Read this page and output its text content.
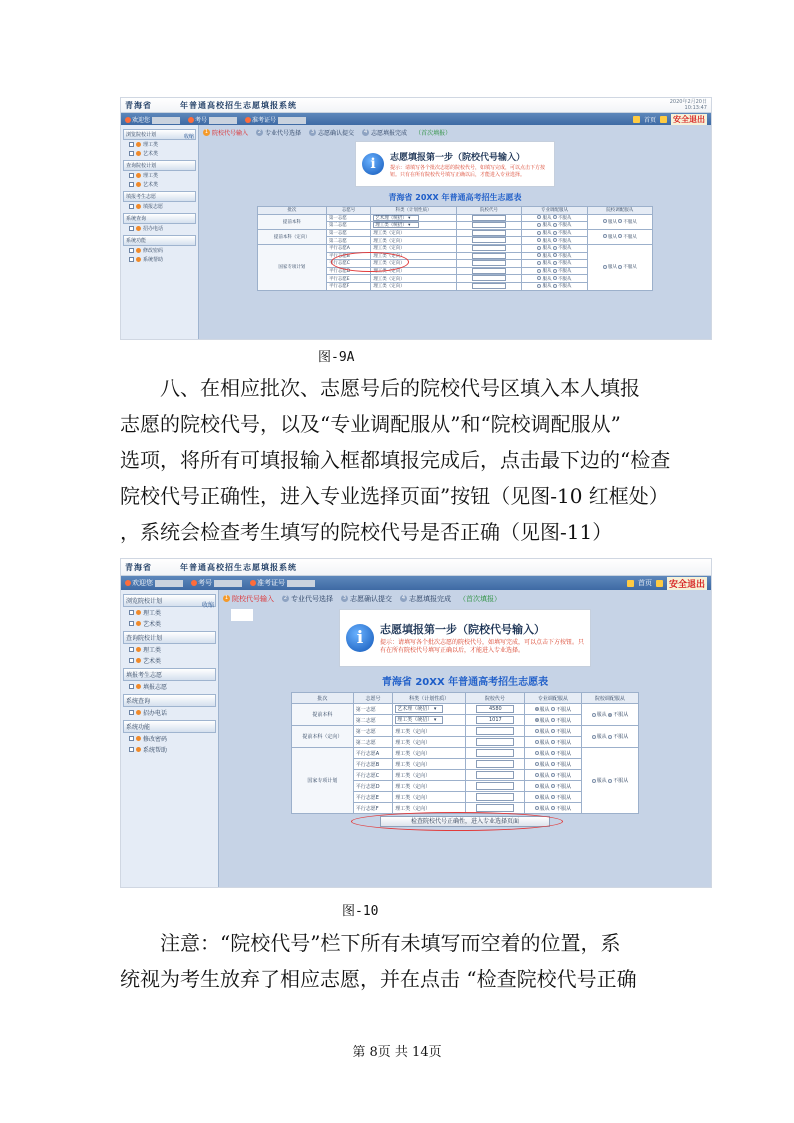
青海省	年普通高校招生志愿填报系统	2020年2月20日
10:13:47
欢迎您	考号	准考证号	首页 安全退出
收缩
浏览院校计划
理工类
艺术类
查询院校计划
理工类
艺术类
填报考生志愿
填报志愿
系统查询
招办电话
系统功能
修改密码
系统帮助
1 院校代号输入	2 专业代号选择	3 志愿确认提交	4 志愿填报完成 （首次填报）
i	志愿填报第一步（院校代号输入）
提示：请填写各个批次志愿的院校代号，如填写完成，可以点击下方按钮。只有在所有院校代号填写正确以后，才能进入专业选择。
青海省 20XX 年普通高考招生志愿表
批次	志愿号	科类（计划性质）	院校代号	专业调配服从	院校调配服从
提前本科	第一志愿	艺术理（统招） ▾		服从 不服从	服从 不服从
	第二志愿	理工类（统招） ▾		服从 不服从	
提前本科（定向）	第一志愿	理工类（定向）		服从 不服从	服从 不服从
	第二志愿	理工类（定向）		服从 不服从	
国家专项计划	平行志愿A	理工类（定向）		服从 不服从	服从 不服从
	平行志愿B	理工类（定向）		服从 不服从	
	平行志愿C	理工类（定向）		服从 不服从	
	平行志愿D	理工类（定向）		服从 不服从	
	平行志愿E	理工类（定向）		服从 不服从	
	平行志愿F	理工类（定向）		服从 不服从	
图-9A
八、在相应批次、志愿号后的院校代号区填入本人填报
志愿的院校代号，以及“专业调配服从”和“院校调配服从”
选项，将所有可填报输入框都填报完成后，点击最下边的“检查
院校代号正确性，进入专业选择页面”按钮（见图-10 红框处）
，系统会检查考生填写的院校代号是否正确（见图-11）
青海省	年普通高校招生志愿填报系统
欢迎您	考号	准考证号	首页 安全退出
收缩
浏览院校计划
理工类
艺术类
查询院校计划
理工类
艺术类
填报考生志愿
填报志愿
系统查询
招办电话
系统功能
修改密码
系统帮助
1 院校代号输入	2 专业代号选择	3 志愿确认提交	4 志愿填报完成 （首次填报）
i	志愿填报第一步（院校代号输入）
提示：请填写各个批次志愿的院校代号，如填写完成，可以点击下方按钮。只有在所有院校代号填写正确以后，才能进入专业选择。
青海省 20XX 年普通高考招生志愿表
批次	志愿号	科类（计划性质）	院校代号	专业调配服从	院校调配服从
提前本科	第一志愿	艺术理（统招） ▾	4580	服从 不服从	服从 不服从
	第二志愿	理工类（统招） ▾	1017	服从 不服从	
提前本科（定向）	第一志愿	理工类（定向）		服从 不服从	服从 不服从
	第二志愿	理工类（定向）		服从 不服从	
国家专项计划	平行志愿A	理工类（定向）		服从 不服从	服从 不服从
	平行志愿B	理工类（定向）		服从 不服从	
	平行志愿C	理工类（定向）		服从 不服从	
	平行志愿D	理工类（定向）		服从 不服从	
	平行志愿E	理工类（定向）		服从 不服从	
	平行志愿F	理工类（定向）		服从 不服从	
检查院校代号正确性，进入专业选择页面
图-10
注意：“院校代号”栏下所有未填写而空着的位置，系
统视为考生放弃了相应志愿，并在点击 “检查院校代号正确
第 8页 共 14页
